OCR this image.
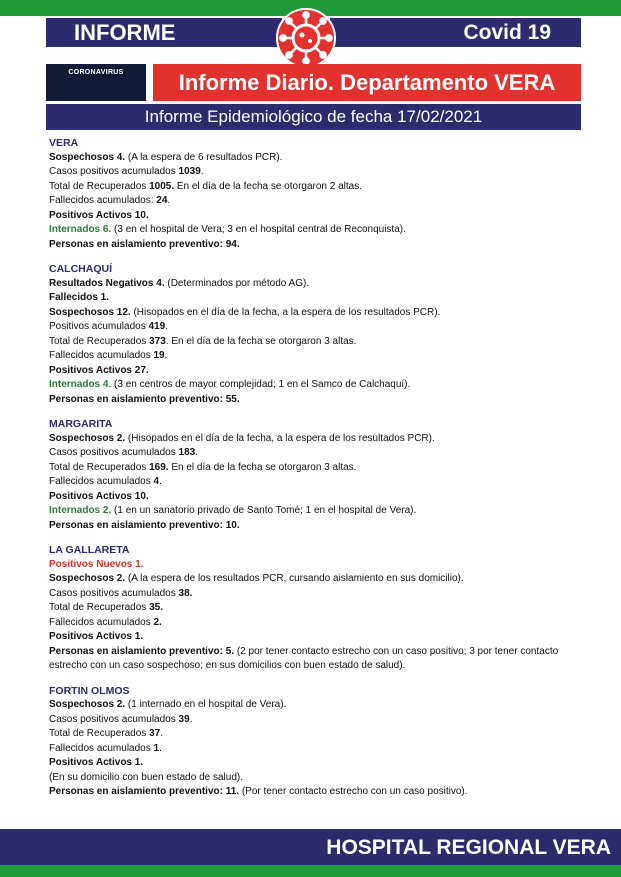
INFORME	Covid 19
CORONAVIRUS	Informe Diario. Departamento VERA
Informe Epidemiológico de fecha 17/02/2021
VERA
Sospechosos 4. (A la espera de 6 resultados PCR).
Casos positivos acumulados 1039.
Total de Recuperados 1005. En el día de la fecha se otorgaron 2 altas.
Fallecidos acumulados: 24.
Positivos Activos 10.
Internados 6. (3 en el hospital de Vera; 3 en el hospital central de Reconquista).
Personas en aislamiento preventivo: 94.
CALCHAQUÍ
Resultados Negativos 4. (Determinados por método AG).
Fallecidos 1.
Sospechosos 12. (Hisopados en el día de la fecha, a la espera de los resultados PCR).
Positivos acumulados 419.
Total de Recuperados 373. En el día de la fecha se otorgaron 3 altas.
Fallecidos acumulados 19.
Positivos Activos 27.
Internados 4. (3 en centros de mayor complejidad; 1 en el Samco de Calchaquí).
Personas en aislamiento preventivo: 55.
MARGARITA
Sospechosos 2. (Hisopados en el día de la fecha, a la espera de los resultados PCR).
Casos positivos acumulados 183.
Total de Recuperados 169. En el día de la fecha se otorgaron 3 altas.
Fallecidos acumulados 4.
Positivos Activos 10.
Internados 2. (1 en un sanatorio privado de Santo Tomé; 1 en el hospital de Vera).
Personas en aislamiento preventivo: 10.
LA GALLARETA
Positivos Nuevos 1.
Sospechosos 2. (A la espera de los resultados PCR, cursando aislamiento en sus domicilio).
Casos positivos acumulados 38.
Total de Recuperados 35.
Fallecidos acumulados 2.
Positivos Activos 1.
Personas en aislamiento preventivo: 5. (2 por tener contacto estrecho con un caso positivo; 3 por tener contacto estrecho con un caso sospechoso; en sus domicilios con buen estado de salud).
FORTIN OLMOS
Sospechosos 2. (1 internado en el hospital de Vera).
Casos positivos acumulados 39.
Total de Recuperados 37.
Fallecidos acumulados 1.
Positivos Activos 1.
(En su domicilio con buen estado de salud).
Personas en aislamiento preventivo: 11. (Por tener contacto estrecho con un caso positivo).
HOSPITAL REGIONAL VERA
